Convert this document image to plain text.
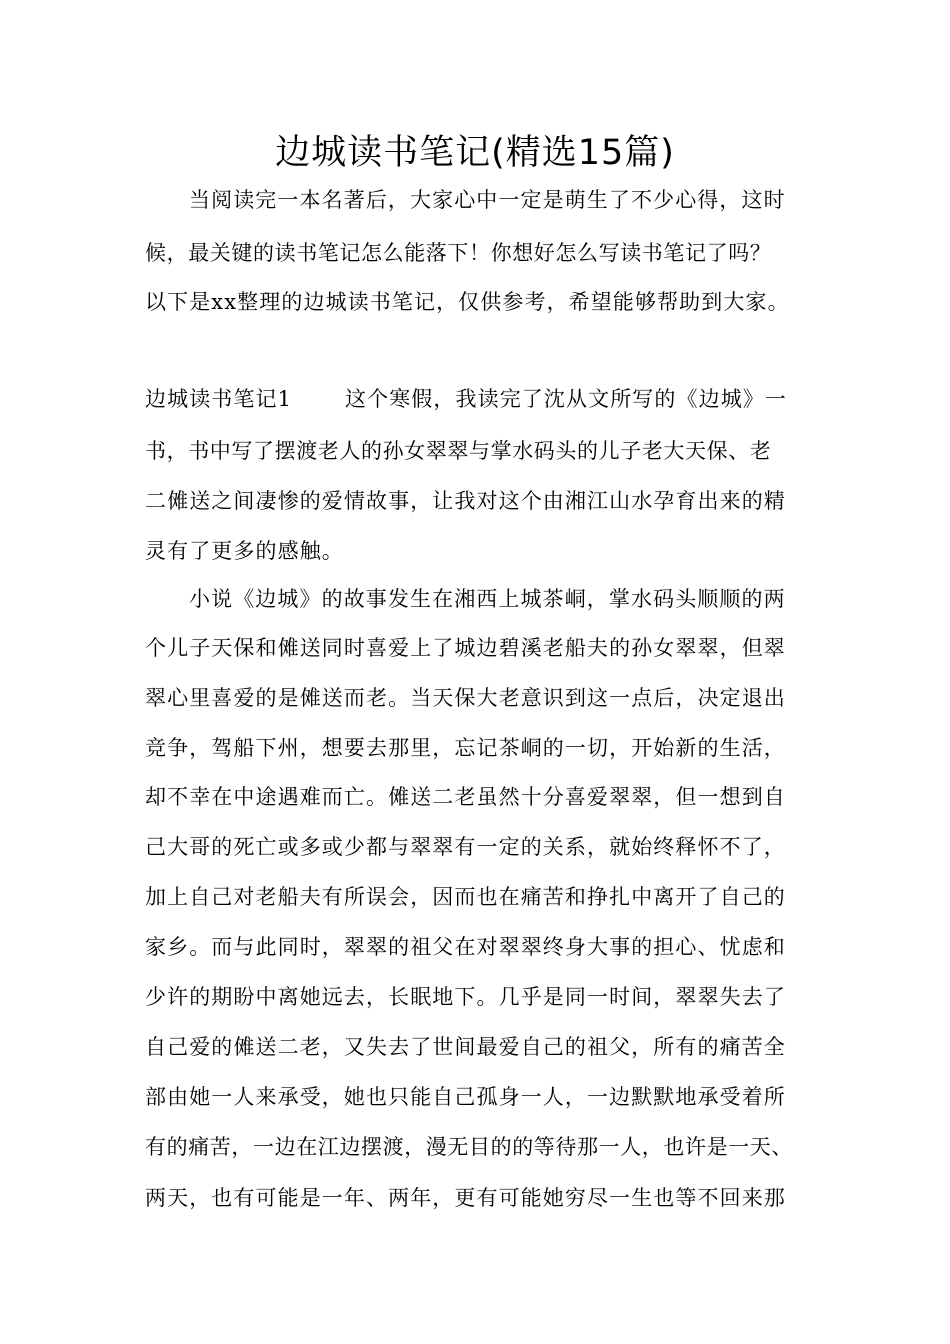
边城读书笔记(精选15篇)
当阅读完一本名著后，大家心中一定是萌生了不少心得，这时
候，最关键的读书笔记怎么能落下！你想好怎么写读书笔记了吗？
以下是xx整理的边城读书笔记，仅供参考，希望能够帮助到大家。
边城读书笔记1	这个寒假，我读完了沈从文所写的《边城》一
书，书中写了摆渡老人的孙女翠翠与掌水码头的儿子老大天保、老
二傩送之间凄惨的爱情故事，让我对这个由湘江山水孕育出来的精
灵有了更多的感触。
小说《边城》的故事发生在湘西上城茶峒，掌水码头顺顺的两
个儿子天保和傩送同时喜爱上了城边碧溪老船夫的孙女翠翠，但翠
翠心里喜爱的是傩送而老。当天保大老意识到这一点后，决定退出
竞争，驾船下州，想要去那里，忘记茶峒的一切，开始新的生活，
却不幸在中途遇难而亡。傩送二老虽然十分喜爱翠翠，但一想到自
己大哥的死亡或多或少都与翠翠有一定的关系，就始终释怀不了，
加上自己对老船夫有所误会，因而也在痛苦和挣扎中离开了自己的
家乡。而与此同时，翠翠的祖父在对翠翠终身大事的担心、忧虑和
少许的期盼中离她远去，长眠地下。几乎是同一时间，翠翠失去了
自己爱的傩送二老，又失去了世间最爱自己的祖父，所有的痛苦全
部由她一人来承受，她也只能自己孤身一人，一边默默地承受着所
有的痛苦，一边在江边摆渡，漫无目的的等待那一人，也许是一天、
两天，也有可能是一年、两年，更有可能她穷尽一生也等不回来那
